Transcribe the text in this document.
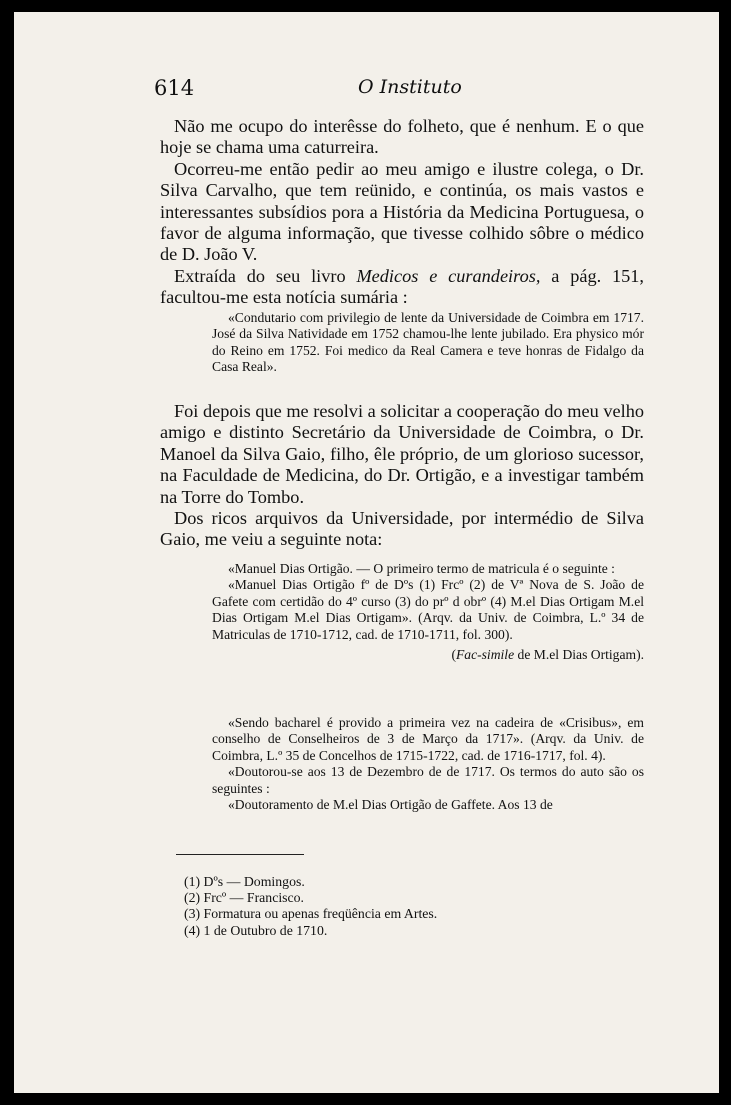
614	O Instituto

Não me ocupo do interêsse do folheto, que é nenhum. E o que hoje se chama uma caturreira.

Ocorreu-me então pedir ao meu amigo e ilustre colega, o Dr. Silva Carvalho, que tem reünido, e continúa, os mais vastos e interessantes subsídios pora a História da Medicina Portuguesa, o favor de alguma informação, que tivesse colhido sôbre o médico de D. João V.

Extraída do seu livro Medicos e curandeiros, a pág. 151, facultou-me esta notícia sumária :

«Condutario com privilegio de lente da Universidade de Coimbra em 1717. José da Silva Natividade em 1752 chamou-lhe lente jubilado. Era physico mór do Reino em 1752. Foi medico da Real Camera e teve honras de Fidalgo da Casa Real».

Foi depois que me resolvi a solicitar a cooperação do meu velho amigo e distinto Secretário da Universidade de Coimbra, o Dr. Manoel da Silva Gaio, filho, êle próprio, de um glorioso sucessor, na Faculdade de Medicina, do Dr. Ortigão, e a investigar também na Torre do Tombo.

Dos ricos arquivos da Universidade, por intermédio de Silva Gaio, me veiu a seguinte nota:

«Manuel Dias Ortigão. — O primeiro termo de matricula é o seguinte :

«Manuel Dias Ortigão fº de Dºs (1) Frcº (2) de Vª Nova de S. João de Gafete com certidão do 4º curso (3) do prº d obrº (4) M.el Dias Ortigam M.el Dias Ortigam M.el Dias Ortigam». (Arqv. da Univ. de Coimbra, L.º 34 de Matriculas de 1710-1712, cad. de 1710-1711, fol. 300).

(Fac-simile de M.el Dias Ortigam).

«Sendo bacharel é provido a primeira vez na cadeira de «Crisibus», em conselho de Conselheiros de 3 de Março da 1717». (Arqv. da Univ. de Coimbra, L.º 35 de Concelhos de 1715-1722, cad. de 1716-1717, fol. 4).

«Doutorou-se aos 13 de Dezembro de de 1717. Os termos do auto são os seguintes :

«Doutoramento de M.el Dias Ortigão de Gaffete. Aos 13 de

(1) Dºs — Domingos.
(2) Frcº — Francisco.
(3) Formatura ou apenas freqüência em Artes.
(4) 1 de Outubro de 1710.
